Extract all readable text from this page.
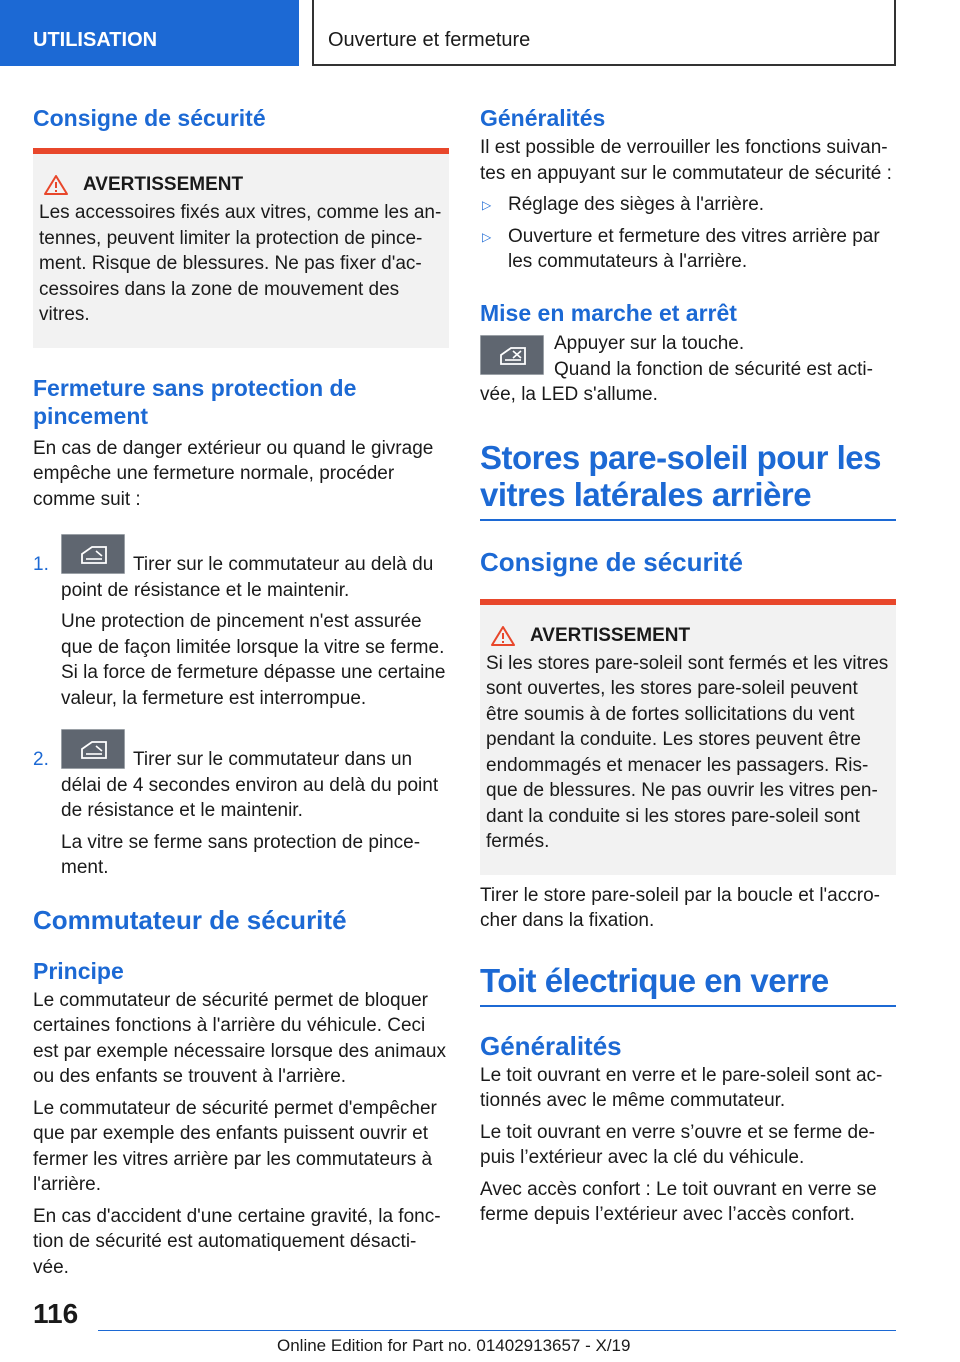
UTILISATION	Ouverture et fermeture
Consigne de sécurité
AVERTISSEMENT

Les accessoires fixés aux vitres, comme les an-
tennes, peuvent limiter la protection de pince-
ment. Risque de blessures. Ne pas fixer d'ac-
cessoires dans la zone de mouvement des
vitres.

Fermeture sans protection de
pincement

En cas de danger extérieur ou quand le givrage
empêche une fermeture normale, procéder
comme suit :

1.	Tirer sur le commutateur au delà du
point de résistance et le maintenir.

Une protection de pincement n'est assurée
que de façon limitée lorsque la vitre se ferme.
Si la force de fermeture dépasse une certaine
valeur, la fermeture est interrompue.

2.	Tirer sur le commutateur dans un
délai de 4 secondes environ au delà du point
de résistance et le maintenir.

La vitre se ferme sans protection de pince-
ment.

Commutateur de sécurité
Principe

Le commutateur de sécurité permet de bloquer
certaines fonctions à l'arrière du véhicule. Ceci
est par exemple nécessaire lorsque des animaux
ou des enfants se trouvent à l'arrière.

Le commutateur de sécurité permet d'empêcher
que par exemple des enfants puissent ouvrir et
fermer les vitres arrière par les commutateurs à
l'arrière.

En cas d'accident d'une certaine gravité, la fonc-
tion de sécurité est automatiquement désacti-
vée.

Généralités

Il est possible de verrouiller les fonctions suivan-
tes en appuyant sur le commutateur de sécurité :

▷ Réglage des sièges à l'arrière.

▷ Ouverture et fermeture des vitres arrière par
les commutateurs à l'arrière.

Mise en marche et arrêt

Appuyer sur la touche.

Quand la fonction de sécurité est acti-

vée, la LED s'allume.

Stores pare-soleil pour les
vitres latérales arrière
Consigne de sécurité
AVERTISSEMENT

Si les stores pare-soleil sont fermés et les vitres
sont ouvertes, les stores pare-soleil peuvent
être soumis à de fortes sollicitations du vent
pendant la conduite. Les stores peuvent être
endommagés et menacer les passagers. Ris-
que de blessures. Ne pas ouvrir les vitres pen-
dant la conduite si les stores pare-soleil sont
fermés.

Tirer le store pare-soleil par la boucle et l'accro-
cher dans la fixation.

Toit électrique en verre
Généralités

Le toit ouvrant en verre et le pare-soleil sont ac-
tionnés avec le même commutateur.

Le toit ouvrant en verre s’ouvre et se ferme de-
puis l’extérieur avec la clé du véhicule.

Avec accès confort : Le toit ouvrant en verre se
ferme depuis l’extérieur avec l’accès confort.

116
Online Edition for Part no. 01402913657 - X/19
